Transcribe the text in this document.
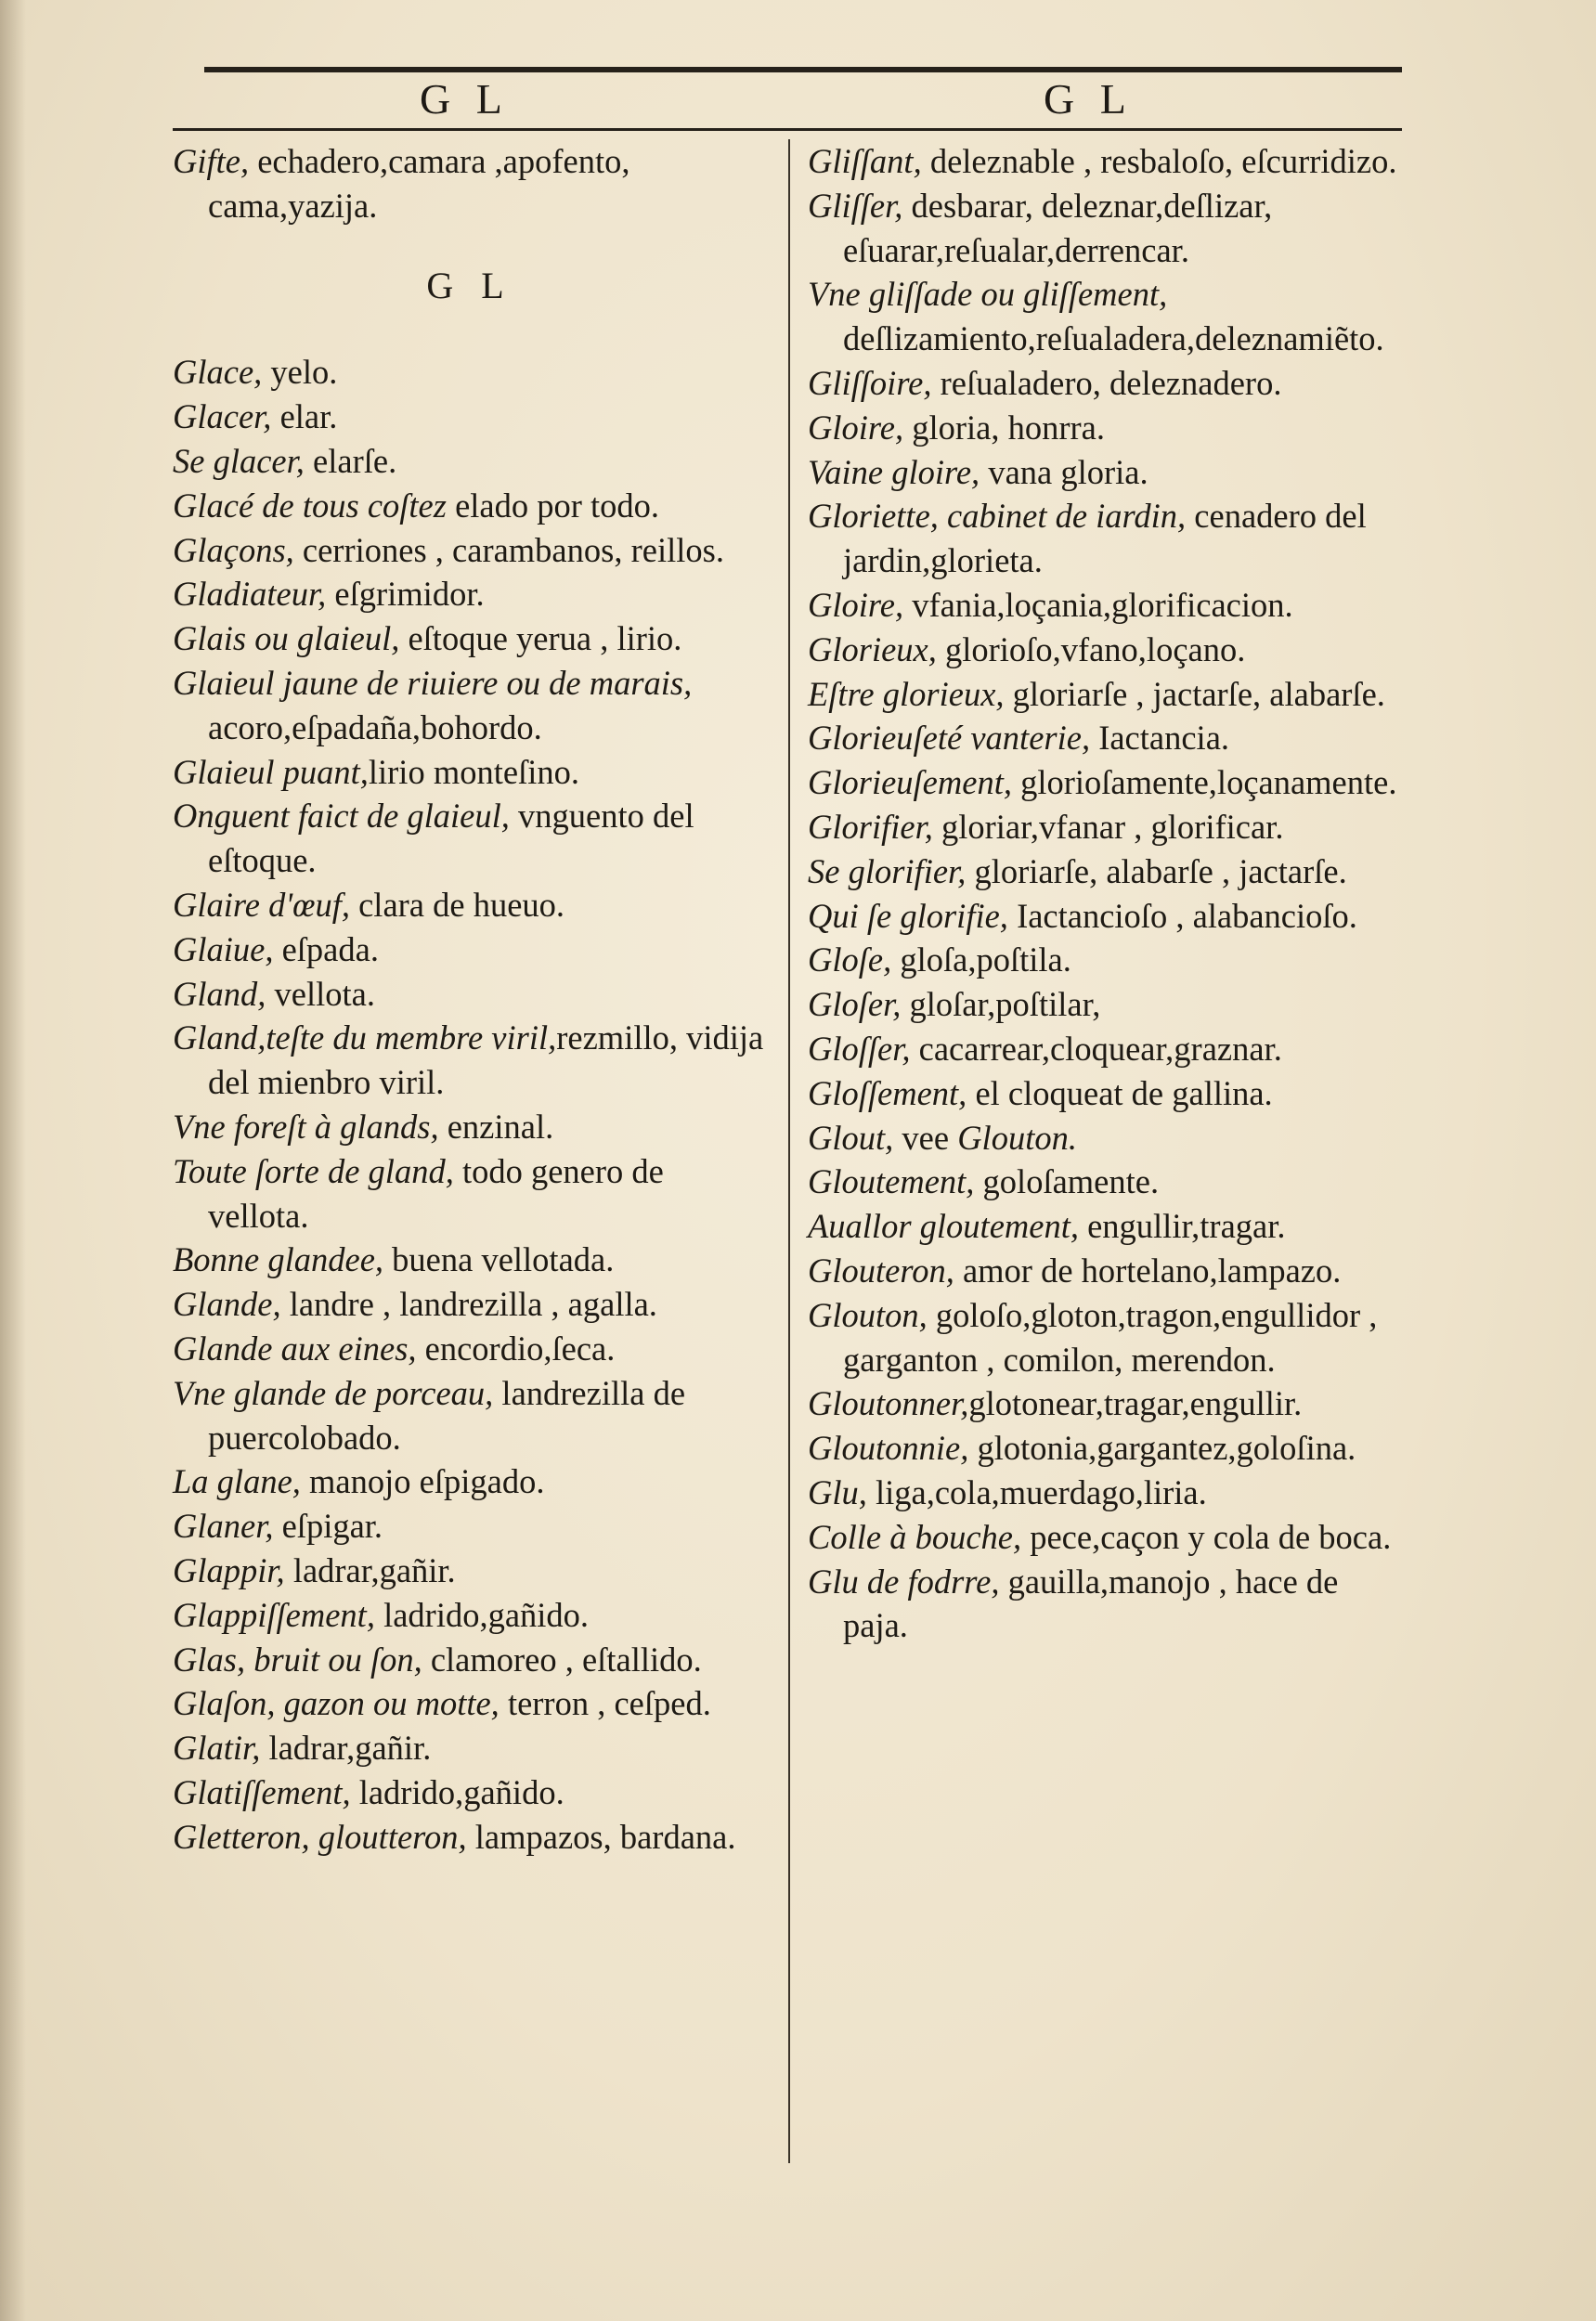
G L	G L
Gifte, echadero,camara ,apofento, cama,yazija.
G L
Glace, yelo.
Glacer, elar.
Se glacer, elarſe.
Glacé de tous coſtez elado por todo.
Glaçons, cerriones , carambanos, reillos.
Gladiateur, eſgrimidor.
Glais ou glaieul, eſtoque yerua , lirio.
Glaieul jaune de riuiere ou de marais, acoro,eſpadaña,bohordo.
Glaieul puant,lirio monteſino.
Onguent faict de glaieul, vnguento del eſtoque.
Glaire d'œuf, clara de hueuo.
Glaiue, eſpada.
Gland, vellota.
Gland,teſte du membre viril,rezmillo, vidija del mienbro viril.
Vne foreſt à glands, enzinal.
Toute ſorte de gland, todo genero de vellota.
Bonne glandee, buena vellotada.
Glande, landre , landrezilla , agalla.
Glande aux eines, encordio,ſeca.
Vne glande de porceau, landrezilla de puercolobado.
La glane, manojo eſpigado.
Glaner, eſpigar.
Glappir, ladrar,gañir.
Glappiſſement, ladrido,gañido.
Glas, bruit ou ſon, clamoreo , eſtallido.
Glaſon, gazon ou motte, terron , ceſped.
Glatir, ladrar,gañir.
Glatiſſement, ladrido,gañido.
Gletteron, gloutteron, lampazos, bardana.
Gliſſant, deleznable , resbaloſo, eſcurridizo.
Gliſſer, desbarar, deleznar,deſlizar, eſuarar,reſualar,derrencar.
Vne gliſſade ou gliſſement, deſlizamiento,reſualadera,deleznamiẽto.
Gliſſoire, reſualadero, deleznadero.
Gloire, gloria, honrra.
Vaine gloire, vana gloria.
Gloriette, cabinet de iardin, cenadero del jardin,glorieta.
Gloire, vfania,loçania,glorificacion.
Glorieux, glorioſo,vfano,loçano.
Eſtre glorieux, gloriarſe , jactarſe, alabarſe.
Glorieuſeté vanterie, Iactancia.
Glorieuſement, glorioſamente,loçanamente.
Glorifier, gloriar,vfanar , glorificar.
Se glorifier, gloriarſe, alabarſe , jactarſe.
Qui ſe glorifie, Iactancioſo , alabancioſo.
Gloſe, gloſa,poſtila.
Gloſer, gloſar,poſtilar,
Gloſſer, cacarrear,cloquear,graznar.
Gloſſement, el cloqueat de gallina.
Glout, vee Glouton.
Gloutement, goloſamente.
Auallor gloutement, engullir,tragar.
Glouteron, amor de hortelano,lampazo.
Glouton, goloſo,gloton,tragon,engullidor , garganton , comilon, merendon.
Gloutonner,glotonear,tragar,engullir.
Gloutonnie, glotonia,gargantez,goloſina.
Glu, liga,cola,muerdago,liria.
Colle à bouche, pece,caçon y cola de boca.
Glu de fodrre, gauilla,manojo , hace de paja.
